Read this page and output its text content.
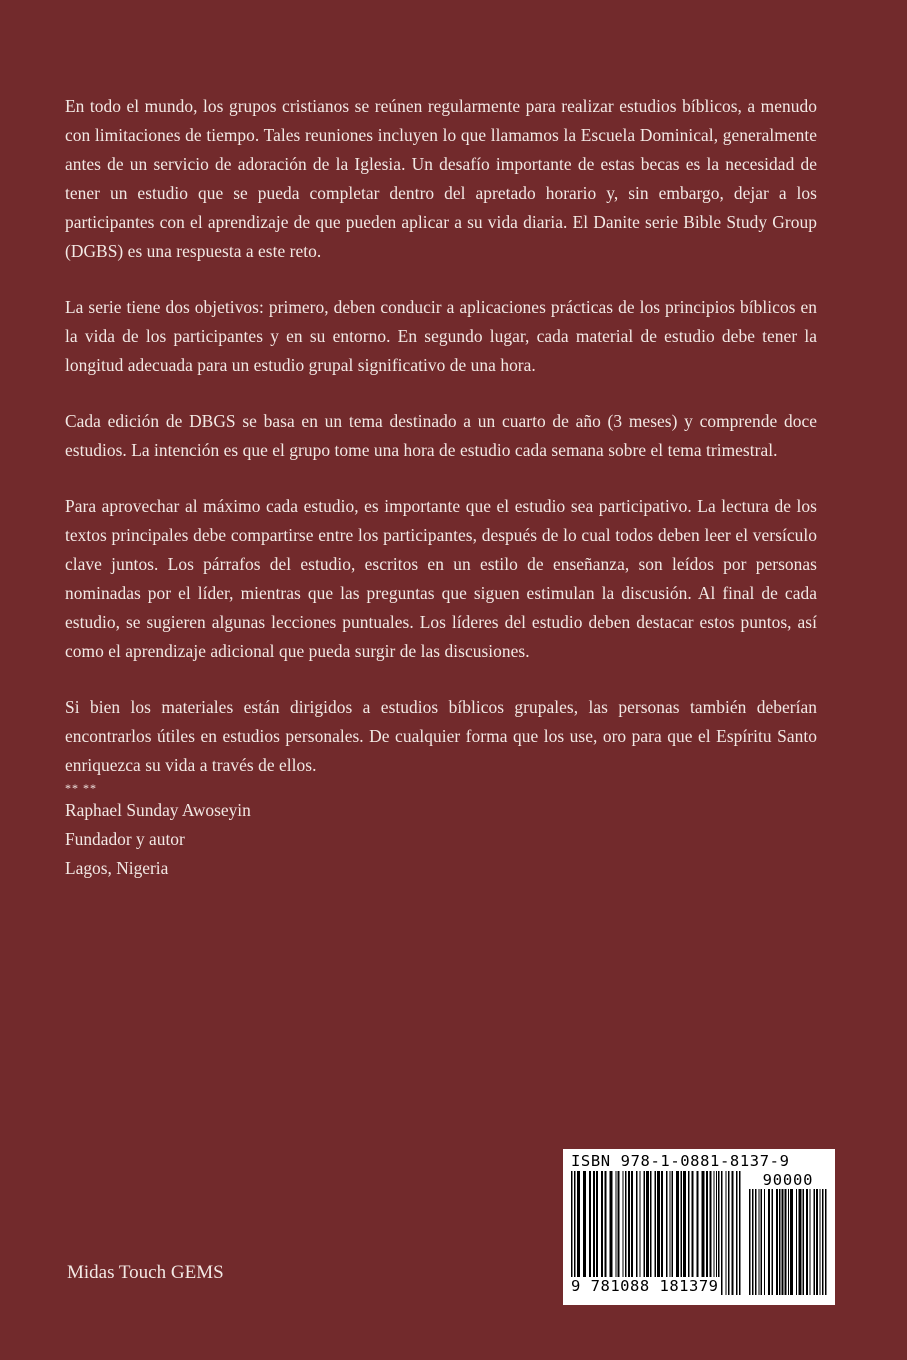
En todo el mundo, los grupos cristianos se reúnen regularmente para realizar estudios bíblicos, a menudo con limitaciones de tiempo. Tales reuniones incluyen lo que llamamos la Escuela Dominical, generalmente antes de un servicio de adoración de la Iglesia. Un desafío importante de estas becas es la necesidad de tener un estudio que se pueda completar dentro del apretado horario y, sin embargo, dejar a los participantes con el aprendizaje de que pueden aplicar a su vida diaria. El Danite serie Bible Study Group (DGBS) es una respuesta a este reto.

La serie tiene dos objetivos: primero, deben conducir a aplicaciones prácticas de los principios bíblicos en la vida de los participantes y en su entorno. En segundo lugar, cada material de estudio debe tener la longitud adecuada para un estudio grupal significativo de una hora.

Cada edición de DBGS se basa en un tema destinado a un cuarto de año (3 meses) y comprende doce estudios. La intención es que el grupo tome una hora de estudio cada semana sobre el tema trimestral.

Para aprovechar al máximo cada estudio, es importante que el estudio sea participativo. La lectura de los textos principales debe compartirse entre los participantes, después de lo cual todos deben leer el versículo clave juntos. Los párrafos del estudio, escritos en un estilo de enseñanza, son leídos por personas nominadas por el líder, mientras que las preguntas que siguen estimulan la discusión. Al final de cada estudio, se sugieren algunas lecciones puntuales. Los líderes del estudio deben destacar estos puntos, así como el aprendizaje adicional que pueda surgir de las discusiones.

Si bien los materiales están dirigidos a estudios bíblicos grupales, las personas también deberían encontrarlos útiles en estudios personales. De cualquier forma que los use, oro para que el Espíritu Santo enriquezca su vida a través de ellos.

** **
Raphael Sunday Awoseyin
Fundador y autor
Lagos, Nigeria
Midas Touch GEMS
ISBN 978-1-0881-8137-9
90000
9 781088 181379
